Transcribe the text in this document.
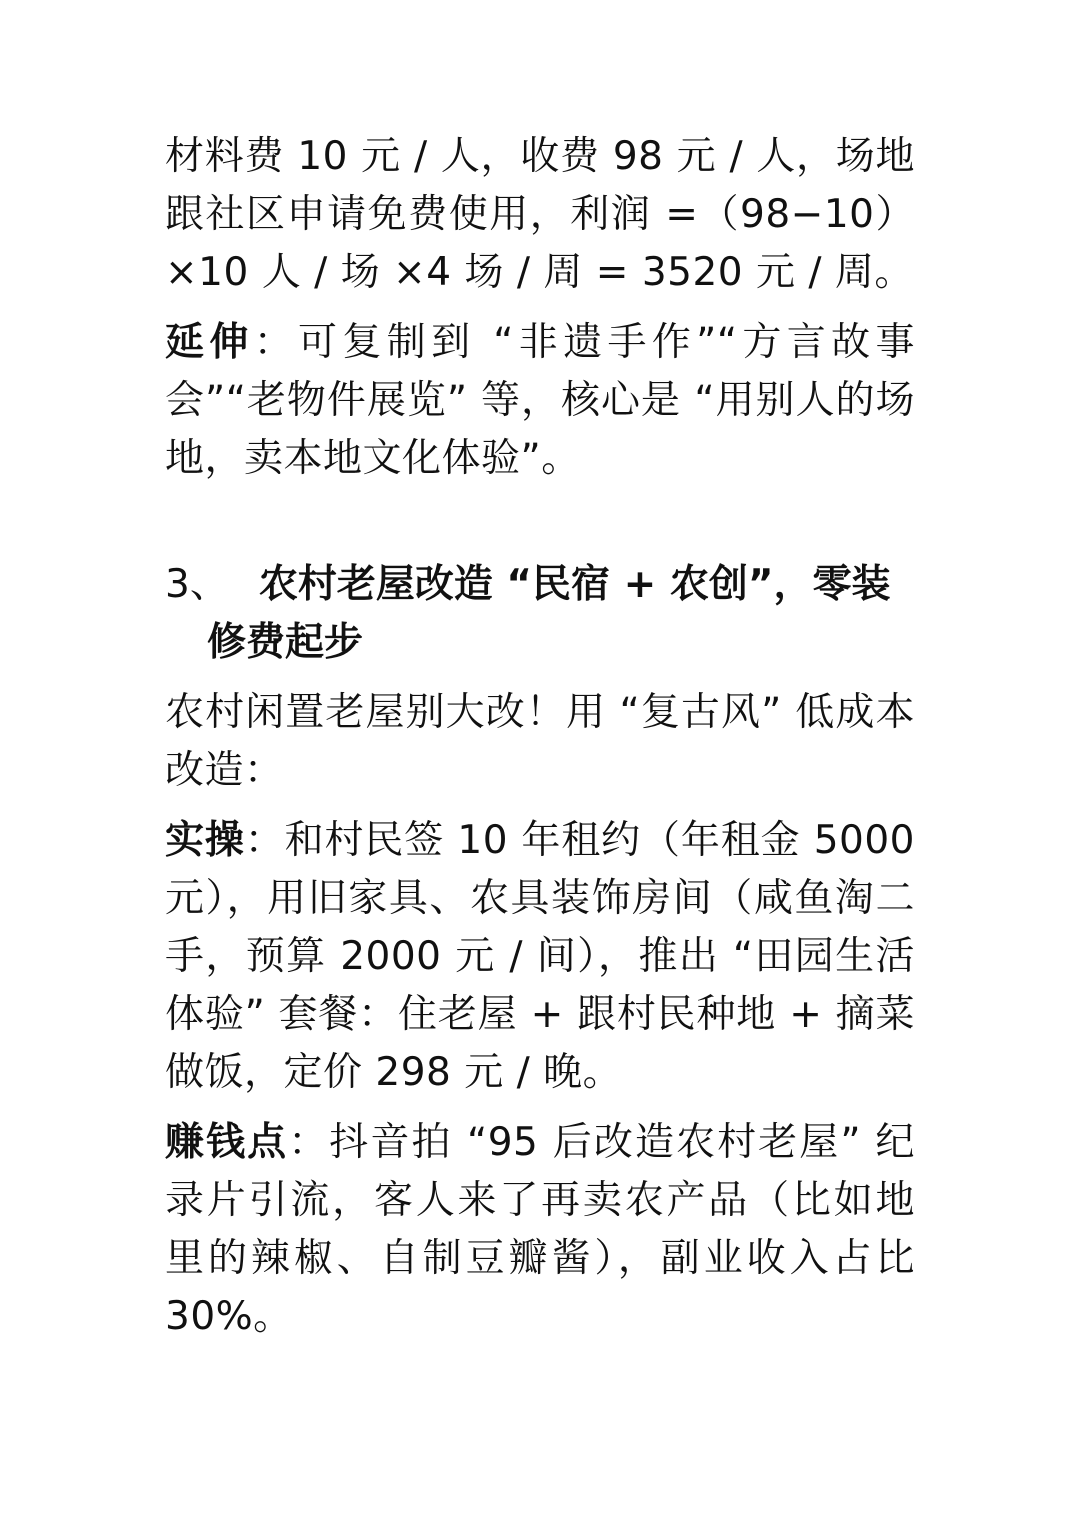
材料费 10 元 / 人，收费 98 元 / 人，场地跟社区申请免费使用，利润 =（98−10）×10 人 / 场 ×4 场 / 周 = 3520 元 / 周。

延伸：可复制到 “非遗手作”“方言故事会”“老物件展览” 等，核心是 “用别人的场地，卖本地文化体验”。

3、 农村老屋改造 “民宿 + 农创”，零装修费起步

农村闲置老屋别大改！用 “复古风” 低成本改造：

实操：和村民签 10 年租约（年租金 5000 元），用旧家具、农具装饰房间（咸鱼淘二手，预算 2000 元 / 间），推出 “田园生活体验” 套餐：住老屋 + 跟村民种地 + 摘菜做饭，定价 298 元 / 晚。

赚钱点：抖音拍 “95 后改造农村老屋” 纪录片引流，客人来了再卖农产品（比如地里的辣椒、自制豆瓣酱），副业收入占比 30%。
